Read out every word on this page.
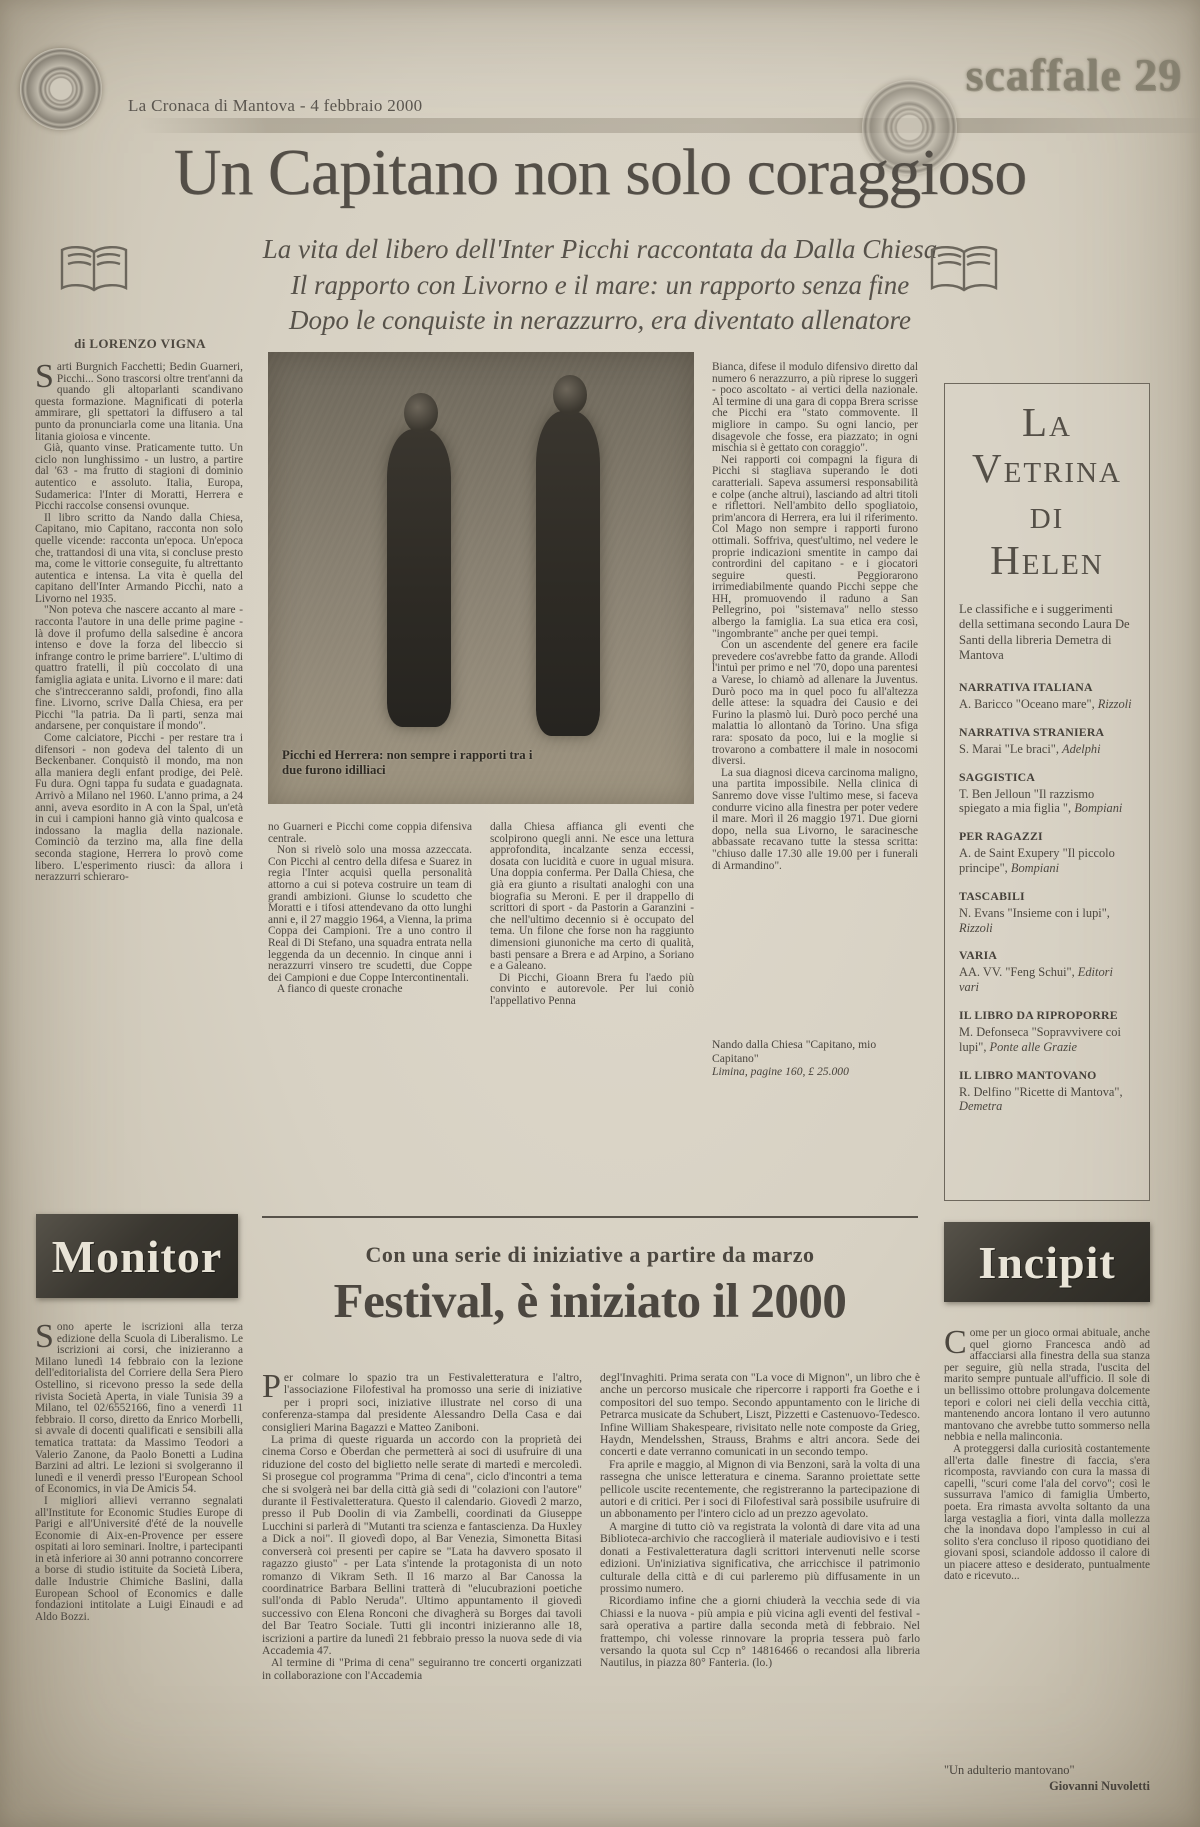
La Cronaca di Mantova - 4 febbraio 2000
scaffale 29
Un Capitano non solo coraggioso
La vita del libero dell'Inter Picchi raccontata da Dalla Chiesa
Il rapporto con Livorno e il mare: un rapporto senza fine
Dopo le conquiste in nerazzurro, era diventato allenatore
di LORENZO VIGNA

Sarti Burgnich Facchetti; Bedin Guarneri, Picchi... Sono trascorsi oltre trent'anni da quando gli altoparlanti scandivano questa formazione. Magnificati di poterla ammirare, gli spettatori la diffusero a tal punto da pronunciarla come una litania. Una litania gioiosa e vincente.

Già, quanto vinse. Praticamente tutto. Un ciclo non lunghissimo - un lustro, a partire dal '63 - ma frutto di stagioni di dominio autentico e assoluto. Italia, Europa, Sudamerica: l'Inter di Moratti, Herrera e Picchi raccolse consensi ovunque.

Il libro scritto da Nando dalla Chiesa, Capitano, mio Capitano, racconta non solo quelle vicende: racconta un'epoca. Un'epoca che, trattandosi di una vita, si concluse presto ma, come le vittorie conseguite, fu altrettanto autentica e intensa. La vita è quella del capitano dell'Inter Armando Picchi, nato a Livorno nel 1935.

"Non poteva che nascere accanto al mare - racconta l'autore in una delle prime pagine - là dove il profumo della salsedine è ancora intenso e dove la forza del libeccio si infrange contro le prime barriere". L'ultimo di quattro fratelli, il più coccolato di una famiglia agiata e unita. Livorno e il mare: dati che s'intrecceranno saldi, profondi, fino alla fine. Livorno, scrive Dalla Chiesa, era per Picchi "la patria. Da lì parti, senza mai andarsene, per conquistare il mondo".

Come calciatore, Picchi - per restare tra i difensori - non godeva del talento di un Beckenbaner. Conquistò il mondo, ma non alla maniera degli enfant prodige, dei Pelè. Fu dura. Ogni tappa fu sudata e guadagnata. Arrivò a Milano nel 1960. L'anno prima, a 24 anni, aveva esordito in A con la Spal, un'età in cui i campioni hanno già vinto qualcosa e indossano la maglia della nazionale. Cominciò da terzino ma, alla fine della seconda stagione, Herrera lo provò come libero. L'esperimento riuscì: da allora i nerazzurri schieraro-

Picchi ed Herrera: non sempre i rapporti tra i due furono idilliaci

no Guarneri e Picchi come coppia difensiva centrale.

Non si rivelò solo una mossa azzeccata. Con Picchi al centro della difesa e Suarez in regia l'Inter acquisì quella personalità attorno a cui si poteva costruire un team di grandi ambizioni. Giunse lo scudetto che Moratti e i tifosi attendevano da otto lunghi anni e, il 27 maggio 1964, a Vienna, la prima Coppa dei Campioni. Tre a uno contro il Real di Di Stefano, una squadra entrata nella leggenda da un decennio. In cinque anni i nerazzurri vinsero tre scudetti, due Coppe dei Campioni e due Coppe Intercontinentali.

A fianco di queste cronache

dalla Chiesa affianca gli eventi che scolpirono quegli anni. Ne esce una lettura approfondita, incalzante senza eccessi, dosata con lucidità e cuore in ugual misura. Una doppia conferma. Per Dalla Chiesa, che già era giunto a risultati analoghi con una biografia su Meroni. E per il drappello di scrittori di sport - da Pastorin a Garanzini - che nell'ultimo decennio si è occupato del tema. Un filone che forse non ha raggiunto dimensioni giunoniche ma certo di qualità, basti pensare a Brera e ad Arpino, a Soriano e a Galeano.

Di Picchi, Gioann Brera fu l'aedo più convinto e autorevole. Per lui coniò l'appellativo Penna

Bianca, difese il modulo difensivo diretto dal numero 6 nerazzurro, a più riprese lo suggerì - poco ascoltato - ai vertici della nazionale. Al termine di una gara di coppa Brera scrisse che Picchi era "stato commovente. Il migliore in campo. Su ogni lancio, per disagevole che fosse, era piazzato; in ogni mischia si è gettato con coraggio".

Nei rapporti coi compagni la figura di Picchi si stagliava superando le doti caratteriali. Sapeva assumersi responsabilità e colpe (anche altrui), lasciando ad altri titoli e riflettori. Nell'ambito dello spogliatoio, prim'ancora di Herrera, era lui il riferimento. Col Mago non sempre i rapporti furono ottimali. Soffriva, quest'ultimo, nel vedere le proprie indicazioni smentite in campo dai contrordini del capitano - e i giocatori seguire questi. Peggiorarono irrimediabilmente quando Picchi seppe che HH, promuovendo il raduno a San Pellegrino, poi "sistemava" nello stesso albergo la famiglia. La sua etica era così, "ingombrante" anche per quei tempi.

Con un ascendente del genere era facile prevedere cos'avrebbe fatto da grande. Allodi l'intuì per primo e nel '70, dopo una parentesi a Varese, lo chiamò ad allenare la Juventus. Durò poco ma in quel poco fu all'altezza delle attese: la squadra dei Causio e dei Furino la plasmò lui. Durò poco perché una malattia lo allontanò da Torino. Una sfiga rara: sposato da poco, lui e la moglie si trovarono a combattere il male in nosocomi diversi.

La sua diagnosi diceva carcinoma maligno, una partita impossibile. Nella clinica di Sanremo dove visse l'ultimo mese, si faceva condurre vicino alla finestra per poter vedere il mare. Morì il 26 maggio 1971. Due giorni dopo, nella sua Livorno, le saracinesche abbassate recavano tutte la stessa scritta: "chiuso dalle 17.30 alle 19.00 per i funerali di Armandino".

Nando dalla Chiesa "Capitano, mio Capitano"
Limina, pagine 160, £ 25.000
La
Vetrina
di
Helen
Le classifiche e i suggerimenti della settimana secondo Laura De Santi della libreria Demetra di Mantova
NARRATIVA ITALIANA
A. Baricco "Oceano mare", Rizzoli
NARRATIVA STRANIERA
S. Marai "Le braci", Adelphi
SAGGISTICA
T. Ben Jelloun "Il razzismo spiegato a mia figlia ", Bompiani
PER RAGAZZI
A. de Saint Exupery "Il piccolo principe", Bompiani
TASCABILI
N. Evans "Insieme con i lupi", Rizzoli
VARIA
AA. VV. "Feng Schui", Editori vari
IL LIBRO DA RIPROPORRE
M. Defonseca "Sopravvivere coi lupi", Ponte alle Grazie
IL LIBRO MANTOVANO
R. Delfino "Ricette di Mantova", Demetra
Monitor

Sono aperte le iscrizioni alla terza edizione della Scuola di Liberalismo. Le iscrizioni ai corsi, che inizieranno a Milano lunedì 14 febbraio con la lezione dell'editorialista del Corriere della Sera Piero Ostellino, si ricevono presso la sede della rivista Società Aperta, in viale Tunisia 39 a Milano, tel 02/6552166, fino a venerdì 11 febbraio. Il corso, diretto da Enrico Morbelli, si avvale di docenti qualificati e sensibili alla tematica trattata: da Massimo Teodori a Valerio Zanone, da Paolo Bonetti a Ludina Barzini ad altri. Le lezioni si svolgeranno il lunedì e il venerdì presso l'European School of Economics, in via De Amicis 54.

I migliori allievi verranno segnalati all'Institute for Economic Studies Europe di Parigi e all'Université d'été de la nouvelle Economie di Aix-en-Provence per essere ospitati ai loro seminari. Inoltre, i partecipanti in età inferiore ai 30 anni potranno concorrere a borse di studio istituite da Società Libera, dalle Industrie Chimiche Baslini, dalla European School of Economics e dalle fondazioni intitolate a Luigi Einaudi e ad Aldo Bozzi.

Con una serie di iniziative a partire da marzo
Festival, è iniziato il 2000

Per colmare lo spazio tra un Festivaletteratura e l'altro, l'associazione Filofestival ha promosso una serie di iniziative per i propri soci, iniziative illustrate nel corso di una conferenza-stampa dal presidente Alessandro Della Casa e dai consiglieri Marina Bagazzi e Matteo Zaniboni.

La prima di queste riguarda un accordo con la proprietà dei cinema Corso e Oberdan che permetterà ai soci di usufruire di una riduzione del costo del biglietto nelle serate di martedì e mercoledì. Si prosegue col programma "Prima di cena", ciclo d'incontri a tema che si svolgerà nei bar della città già sedi di "colazioni con l'autore" durante il Festivaletteratura. Questo il calendario. Giovedì 2 marzo, presso il Pub Doolin di via Zambelli, coordinati da Giuseppe Lucchini si parlerà di "Mutanti tra scienza e fantascienza. Da Huxley a Dick a noi". Il giovedì dopo, al Bar Venezia, Simonetta Bitasi converserà coi presenti per capire se "Lata ha davvero sposato il ragazzo giusto" - per Lata s'intende la protagonista di un noto romanzo di Vikram Seth. Il 16 marzo al Bar Canossa la coordinatrice Barbara Bellini tratterà di "elucubrazioni poetiche sull'onda di Pablo Neruda". Ultimo appuntamento il giovedì successivo con Elena Ronconi che divagherà su Borges dai tavoli del Bar Teatro Sociale. Tutti gli incontri inizieranno alle 18, iscrizioni a partire da lunedì 21 febbraio presso la nuova sede di via Accademia 47.

Al termine di "Prima di cena" seguiranno tre concerti organizzati in collaborazione con l'Accademia

degl'Invaghiti. Prima serata con "La voce di Mignon", un libro che è anche un percorso musicale che ripercorre i rapporti fra Goethe e i compositori del suo tempo. Secondo appuntamento con le liriche di Petrarca musicate da Schubert, Liszt, Pizzetti e Castenuovo-Tedesco. Infine William Shakespeare, rivisitato nelle note composte da Grieg, Haydn, Mendelsshen, Strauss, Brahms e altri ancora. Sede dei concerti e date verranno comunicati in un secondo tempo.

Fra aprile e maggio, al Mignon di via Benzoni, sarà la volta di una rassegna che unisce letteratura e cinema. Saranno proiettate sette pellicole uscite recentemente, che registreranno la partecipazione di autori e di critici. Per i soci di Filofestival sarà possibile usufruire di un abbonamento per l'intero ciclo ad un prezzo agevolato.

A margine di tutto ciò va registrata la volontà di dare vita ad una Biblioteca-archivio che raccoglierà il materiale audiovisivo e i testi donati a Festivaletteratura dagli scrittori intervenuti nelle scorse edizioni. Un'iniziativa significativa, che arricchisce il patrimonio culturale della città e di cui parleremo più diffusamente in un prossimo numero.

Ricordiamo infine che a giorni chiuderà la vecchia sede di via Chiassi e la nuova - più ampia e più vicina agli eventi del festival - sarà operativa a partire dalla seconda metà di febbraio. Nel frattempo, chi volesse rinnovare la propria tessera può farlo versando la quota sul Ccp n° 14816466 o recandosi alla libreria Nautilus, in piazza 80° Fanteria. (lo.)

Incipit

Come per un gioco ormai abituale, anche quel giorno Francesca andò ad affacciarsi alla finestra della sua stanza per seguire, giù nella strada, l'uscita del marito sempre puntuale all'ufficio. Il sole di un bellissimo ottobre prolungava dolcemente tepori e colori nei cieli della vecchia città, mantenendo ancora lontano il vero autunno mantovano che avrebbe tutto sommerso nella nebbia e nella malinconia.

A proteggersi dalla curiosità costantemente all'erta dalle finestre di faccia, s'era ricomposta, ravviando con cura la massa di capelli, "scuri come l'ala del corvo"; così le sussurrava l'amico di famiglia Umberto, poeta. Era rimasta avvolta soltanto da una larga vestaglia a fiori, vinta dalla mollezza che la inondava dopo l'amplesso in cui al solito s'era concluso il riposo quotidiano dei giovani sposi, sciandole addosso il calore di un piacere atteso e desiderato, puntualmente dato e ricevuto...

"Un adulterio mantovano"
Giovanni Nuvoletti
